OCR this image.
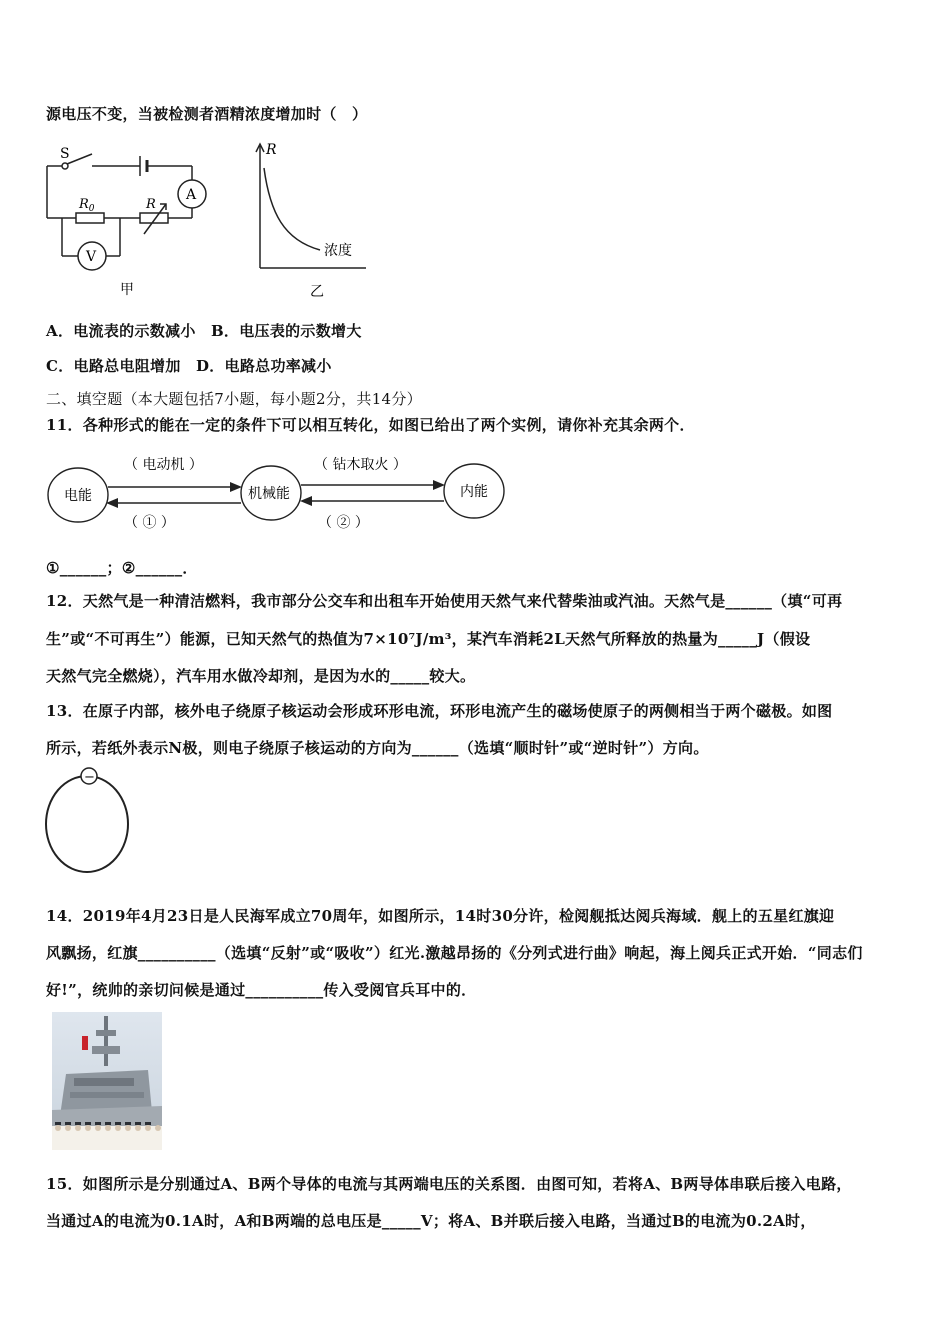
源电压不变，当被检测者酒精浓度增加时（　）
S
A
$R_0$	R
V
甲
R
浓度
乙
A．电流表的示数减小　B．电压表的示数增大
C．电路总电阻增加　D．电路总功率减小
二、填空题（本大题包括7小题，每小题2分，共14分）
11．各种形式的能在一定的条件下可以相互转化，如图已给出了两个实例，请你补充其余两个．
电能	机械能	内能
（ 电动机 ）	（ 钻木取火 ）
（ ① ）	（ ② ）
①______；②______．
12．天然气是一种清洁燃料，我市部分公交车和出租车开始使用天然气来代替柴油或汽油。天然气是______（填“可再
生”或“不可再生”）能源，已知天然气的热值为7×10⁷J/m³，某汽车消耗2L天然气所释放的热量为_____J（假设
天然气完全燃烧），汽车用水做冷却剂，是因为水的_____较大。
13．在原子内部，核外电子绕原子核运动会形成环形电流，环形电流产生的磁场使原子的两侧相当于两个磁极。如图
所示，若纸外表示N极，则电子绕原子核运动的方向为______（选填“顺时针”或“逆时针”）方向。
−
14．2019年4月23日是人民海军成立70周年，如图所示，14时30分许，检阅舰抵达阅兵海域．舰上的五星红旗迎
风飘扬，红旗__________（选填“反射”或“吸收”）红光.激越昂扬的《分列式进行曲》响起，海上阅兵正式开始．“同志们
好!”，统帅的亲切问候是通过__________传入受阅官兵耳中的．
15．如图所示是分别通过A、B两个导体的电流与其两端电压的关系图．由图可知，若将A、B两导体串联后接入电路，
当通过A的电流为0.1A时，A和B两端的总电压是_____V；将A、B并联后接入电路，当通过B的电流为0.2A时，
